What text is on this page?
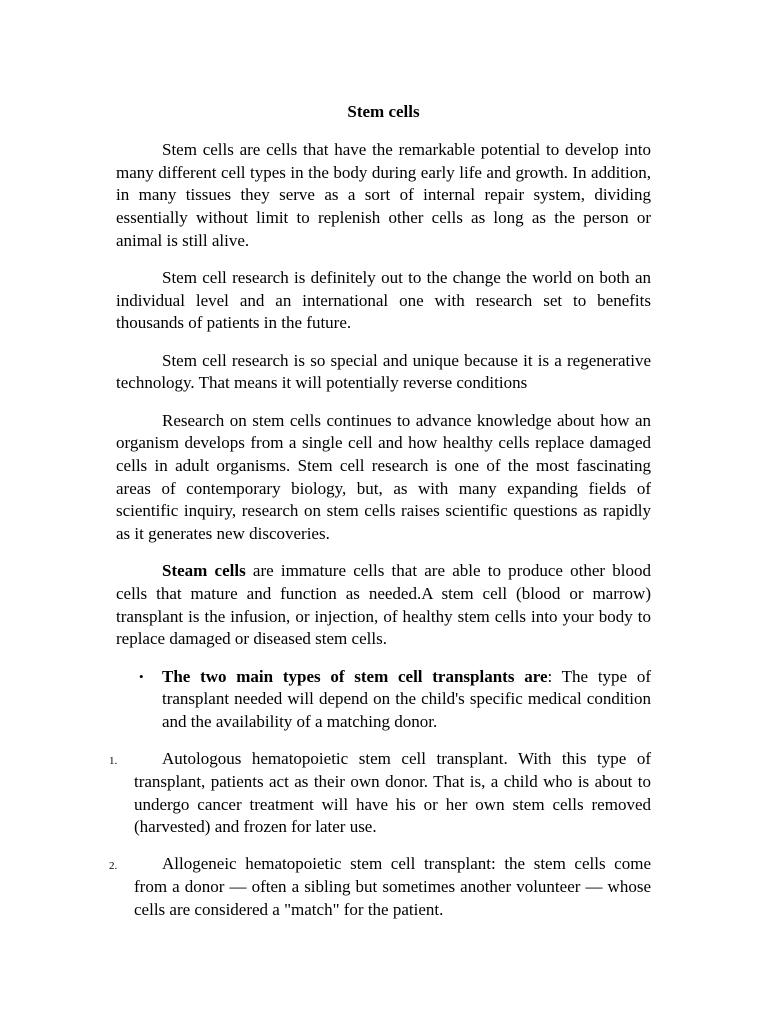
Stem cells

Stem cells are cells that have the remarkable potential to develop into many different cell types in the body during early life and growth. In addition, in many tissues they serve as a sort of internal repair system, dividing essentially without limit to replenish other cells as long as the person or animal is still alive.

Stem cell research is definitely out to the change the world on both an individual level and an international one with research set to benefits thousands of patients in the future.

Stem cell research is so special and unique because it is a regenerative technology. That means it will potentially reverse conditions

Research on stem cells continues to advance knowledge about how an organism develops from a single cell and how healthy cells replace damaged cells in adult organisms. Stem cell research is one of the most fascinating areas of contemporary biology, but, as with many expanding fields of scientific inquiry, research on stem cells raises scientific questions as rapidly as it generates new discoveries.

Steam cells are immature cells that are able to produce other blood cells that mature and function as needed.A stem cell (blood or marrow) transplant is the infusion, or injection, of healthy stem cells into your body to replace damaged or diseased stem cells.

• The two main types of stem cell transplants are: The type of transplant needed will depend on the child's specific medical condition and the availability of a matching donor.
1.	Autologous hematopoietic stem cell transplant. With this type of transplant, patients act as their own donor. That is, a child who is about to undergo cancer treatment will have his or her own stem cells removed (harvested) and frozen for later use.
2.	Allogeneic hematopoietic stem cell transplant: the stem cells come from a donor — often a sibling but sometimes another volunteer — whose cells are considered a "match" for the patient.
